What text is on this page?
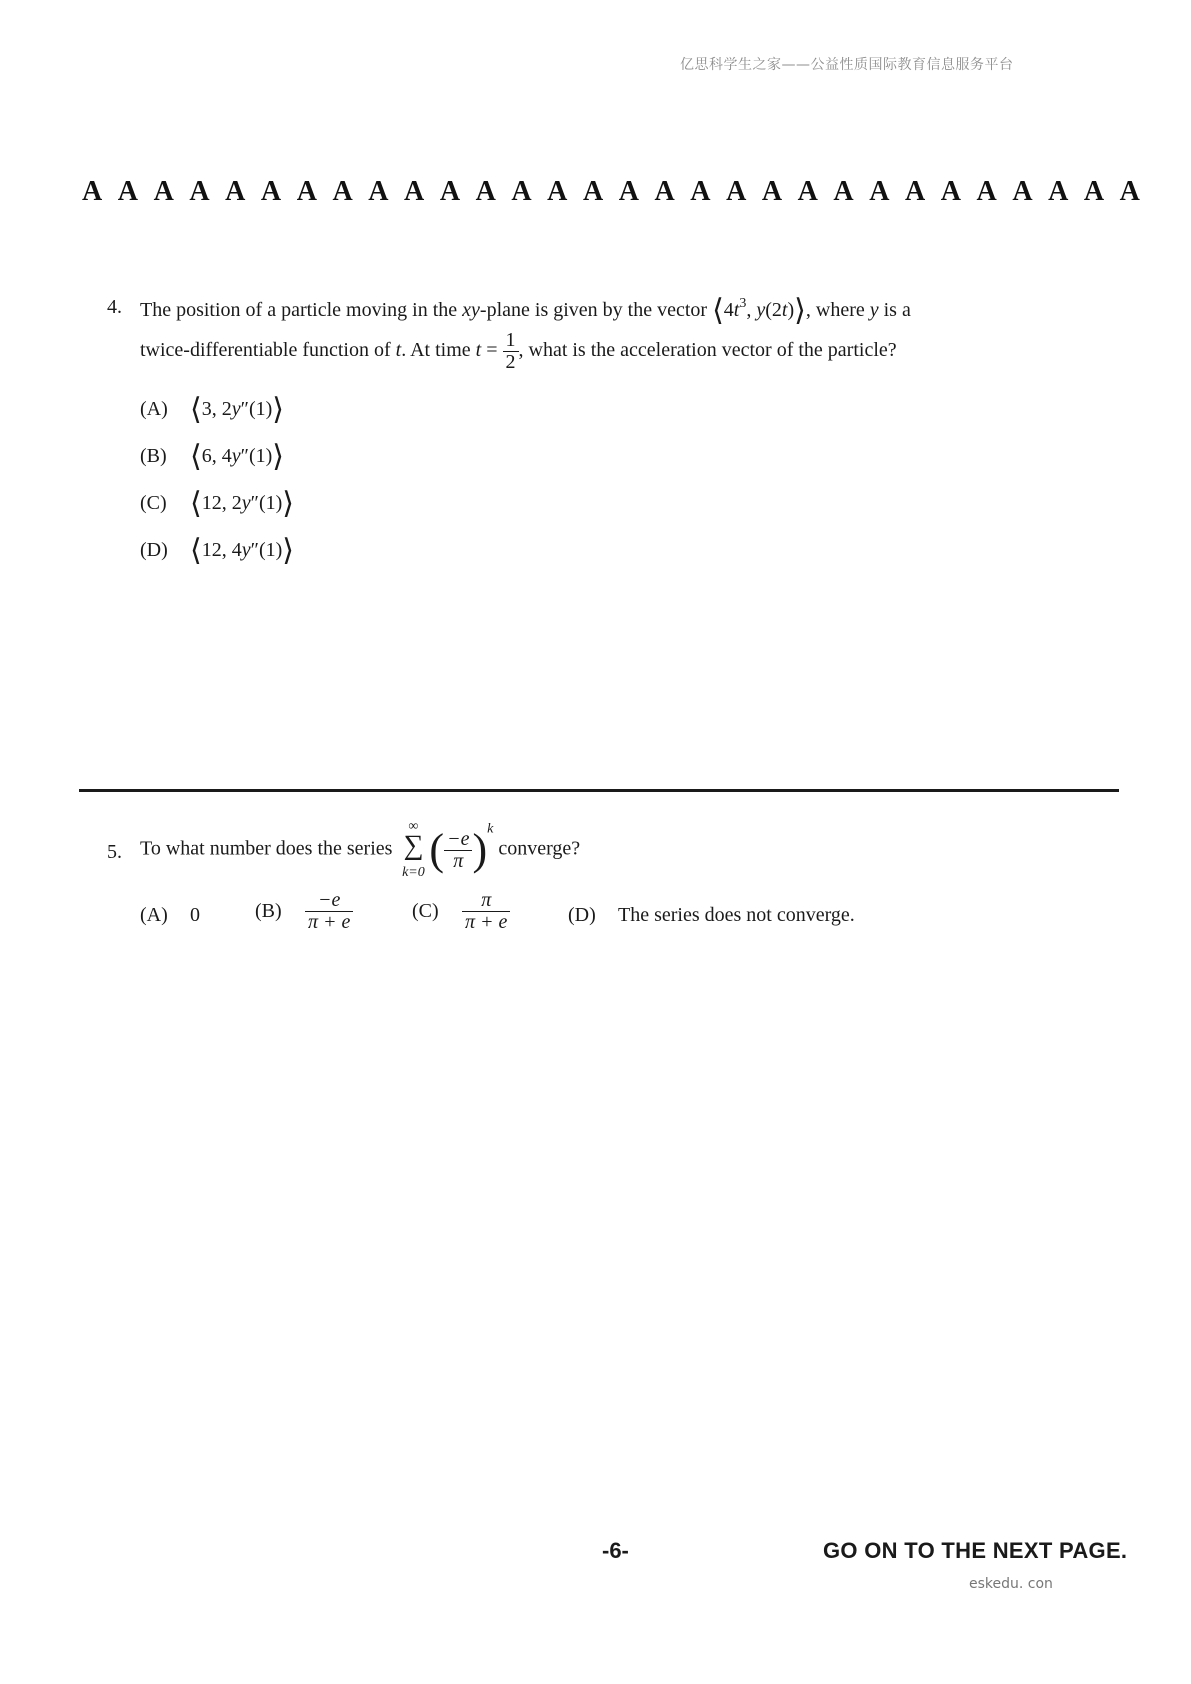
亿思科学生之家——公益性质国际教育信息服务平台
A A A A A A A A A A A A A A A A A A A A A A A A A A A A A A
4. The position of a particle moving in the xy-plane is given by the vector $⟨4t^3$, y(2t)⟩, where y is a
twice-differentiable function of t. At time $t = \frac{1}{2}$ , what is the acceleration vector of the particle?
(A) ⟨3, 2y″(1)⟩
(B) ⟨6, 4y″(1)⟩
(C) ⟨12, 2y″(1)⟩
(D) ⟨12, 4y″(1)⟩
5. To what number does the series
∞
∑
k=0 ( $\frac{-e}{\pi} )^k$ converge?
(A) 0	$(B) \frac{-e}{\pi + e}$	$(C) \frac{\pi}{\pi + e}$	(D) The series does not converge.
-6-	GO ON TO THE NEXT PAGE.
eskedu. con
